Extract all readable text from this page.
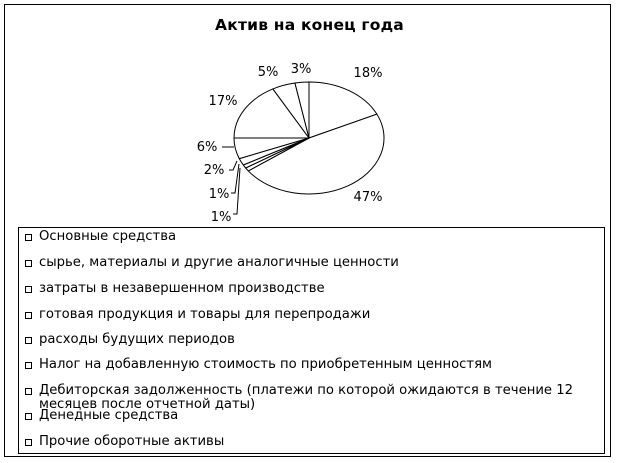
Актив на конец года
18%
47%
1%
1%
2%
6%
17%
5% 3%
Основные средства
сырье, материалы и другие аналогичные ценности
затраты в незавершенном производстве
готовая продукция и товары для перепродажи
расходы будущих периодов
Налог на добавленную стоимость по приобретенным ценностям
Дебиторская задолженность (платежи по которой ожидаются в течение 12 месяцев после отчетной даты)
Денедные средства
Прочие оборотные активы
